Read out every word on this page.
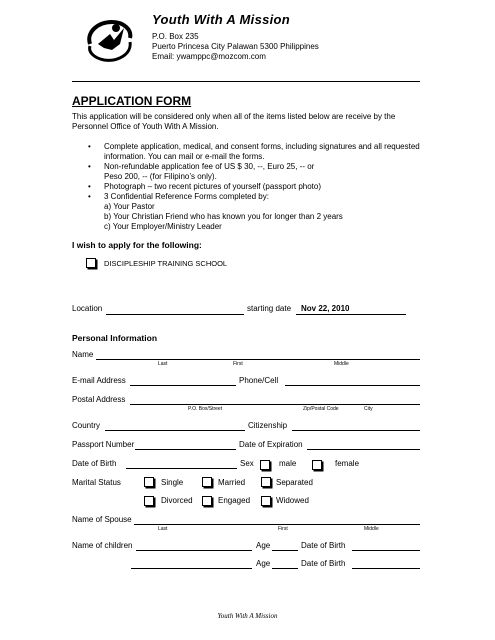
Youth With A Mission
P.O. Box 235
Puerto Princesa City Palawan 5300 Philippines
Email: ywamppc@mozcom.com
APPLICATION FORM
This application will be considered only when all of the items listed below are receive by the
Personnel Office of Youth With A Mission.
• Complete application, medical, and consent forms, including signatures and all requested
information. You can mail or e-mail the forms.
• Non-refundable application fee of US $ 30, --, Euro 25, -- or
Peso 200, -- (for Filipino’s only).
• Photograph – two recent pictures of yourself (passport photo)
• 3 Confidential Reference Forms completed by:
a) Your Pastor
b) Your Christian Friend who has known you for longer than 2 years
c) Your Employer/Ministry Leader
I wish to apply for the following:
DISCIPLESHIP TRAINING SCHOOL
Location	starting date Nov 22, 2010
Personal Information
Name
Last	First	Middle
E-mail Address	Phone/Cell
Postal Address
P.O. Box/Street	Zip/Postal Code	City
Country	Citizenship
Passport Number	Date of Expiration
Date of Birth	Sex	male	female
Marital Status	Single	Married	Separated
Divorced	Engaged	Widowed
Name of Spouse
Last	First	Middle
Name of children	Age	Date of Birth
Age	Date of Birth
Youth With A Mission
